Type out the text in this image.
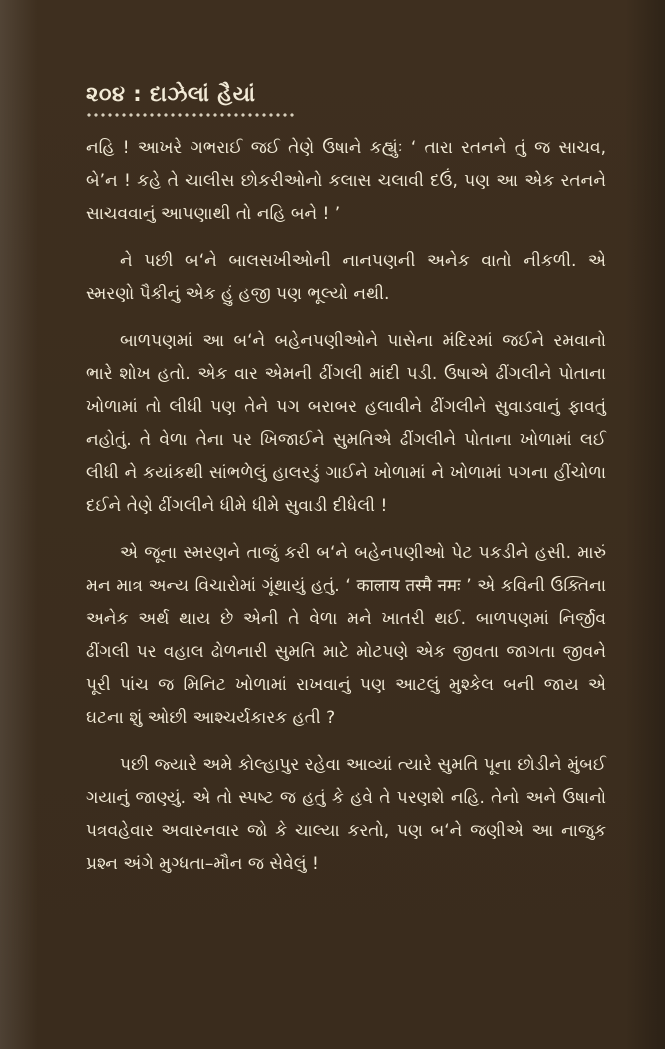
૨૦૪ : દાઝેલાં હૈયાં

નહિ ! આખરે ગભરાઈ જઈ તેણે ઉષાને કહ્યુંઃ ‘ તારા રતનને તું જ સાચવ, બે’ન ! કહે તે ચાલીસ છોકરીઓનો કલાસ ચલાવી દઉં, પણ આ એક રતનને સાચવવાનું આપણાથી તો નહિ બને ! ’

ને પછી બ‘ને બાલસખીઓની નાનપણની અનેક વાતો નીકળી. એ સ્મરણો પૈકીનું એક હું હજી પણ ભૂલ્યો નથી.

બાળપણમાં આ બ‘ને બહેનપણીઓને પાસેના મંદિરમાં જઈને રમવાનો ભારે શોખ હતો. એક વાર એમની ઢીંગલી માંદી પડી. ઉષાએ ઢીંગલીને પોતાના ખોળામાં તો લીધી પણ તેને પગ બરાબર હલાવીને ઢીંગલીને સુવાડવાનું ફાવતું નહોતું. તે વેળા તેના પર ખિજાઈને સુમતિએ ઢીંગલીને પોતાના ખોળામાં લઈ લીધી ને કયાંકથી સાંભળેલું હાલરડું ગાઈને ખોળામાં ને ખોળામાં પગના હીંચોળા દઈને તેણે ઢીંગલીને ધીમે ધીમે સુવાડી દીધેલી !

એ જૂના સ્મરણને તાજું કરી બ‘ને બહેનપણીઓ પેટ પકડીને હસી. મારું મન માત્ર અન્ય વિચારોમાં ગૂંથાયું હતું. ‘ कालाय तस्मै नमः ’ એ કવિની ઉક્તિના અનેક અર્થ થાય છે એની તે વેળા મને ખાતરી થઈ. બાળપણમાં નિર્જીવ ઢીંગલી પર વહાલ ઢોળનારી સુમતિ માટે મોટપણે એક જીવતા જાગતા જીવને પૂરી પાંચ જ મિનિટ ખોળામાં રાખવાનું પણ આટલું મુશ્કેલ બની જાય એ ઘટના શું ઓછી આશ્ચર્યકારક હતી ?

પછી જ્યારે અમે કોલ્હાપુર રહેવા આવ્યાં ત્યારે સુમતિ પૂના છોડીને મુંબઈ ગયાનું જાણ્યું. એ તો સ્પષ્ટ જ હતું કે હવે તે પરણશે નહિ. તેનો અને ઉષાનો પત્રવહેવાર અવારનવાર જો કે ચાલ્યા કરતો, પણ બ‘ને જણીએ આ નાજુક પ્રશ્ન અંગે મુગ્ધતા–મૌન જ સેવેલું !
